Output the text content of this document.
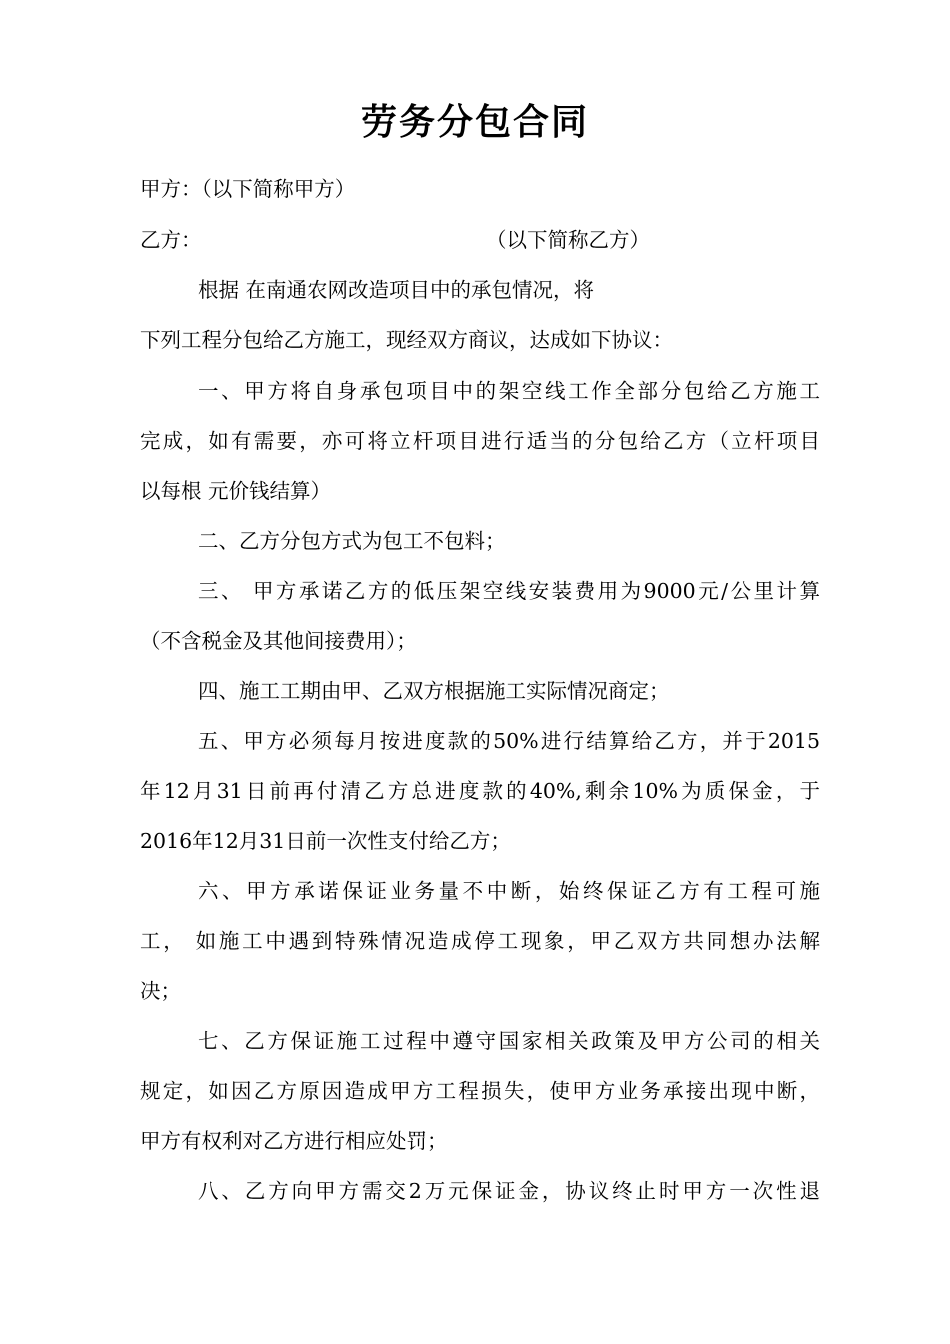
劳务分包合同
甲方：（以下简称甲方）
乙方：	（以下简称乙方）
根据 在南通农网改造项目中的承包情况，将
下列工程分包给乙方施工，现经双方商议，达成如下协议：
一、甲方将自身承包项目中的架空线工作全部分包给乙方施工
完成，如有需要，亦可将立杆项目进行适当的分包给乙方（立杆项目
以每根 元价钱结算）
二、乙方分包方式为包工不包料；
三、 甲方承诺乙方的低压架空线安装费用为9000元/公里计算
（不含税金及其他间接费用）；
四、施工工期由甲、乙双方根据施工实际情况商定；
五、甲方必须每月按进度款的50%进行结算给乙方，并于2015
年12月31日前再付清乙方总进度款的40%,剩余10%为质保金，于
2016年12月31日前一次性支付给乙方；
六、甲方承诺保证业务量不中断，始终保证乙方有工程可施
工， 如施工中遇到特殊情况造成停工现象，甲乙双方共同想办法解
决；
七、乙方保证施工过程中遵守国家相关政策及甲方公司的相关
规定，如因乙方原因造成甲方工程损失，使甲方业务承接出现中断，
甲方有权利对乙方进行相应处罚；
八、乙方向甲方需交2万元保证金，协议终止时甲方一次性退
